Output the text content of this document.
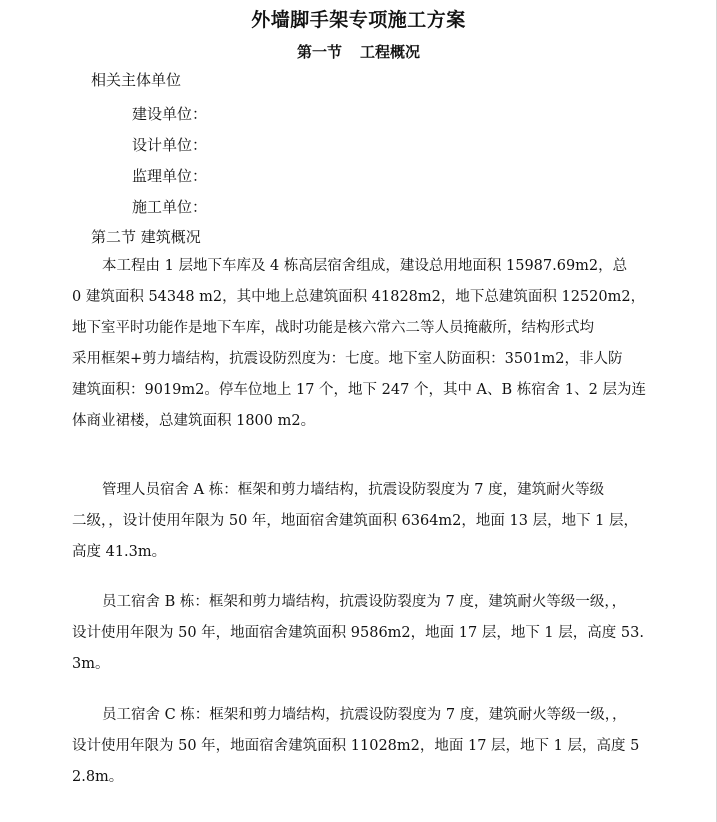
外墙脚手架专项施工方案
第一节 工程概况
相关主体单位
建设单位：
设计单位：
监理单位：
施工单位：
第二节 建筑概况
本工程由 1 层地下车库及 4 栋高层宿舍组成，建设总用地面积 15987.69m2，总
0 建筑面积 54348 m2，其中地上总建筑面积 41828m2，地下总建筑面积 12520m2，
地下室平时功能作是地下车库，战时功能是核六常六二等人员掩蔽所，结构形式均
采用框架+剪力墙结构，抗震设防烈度为：七度。地下室人防面积：3501m2，非人防
建筑面积：9019m2。停车位地上 17 个，地下 247 个，其中 A、B 栋宿舍 1、2 层为连
体商业裙楼，总建筑面积 1800 m2。
管理人员宿舍 A 栋：框架和剪力墙结构，抗震设防裂度为 7 度，建筑耐火等级
二级，，设计使用年限为 50 年，地面宿舍建筑面积 6364m2，地面 13 层，地下 1 层，
高度 41.3m。
员工宿舍 B 栋：框架和剪力墙结构，抗震设防裂度为 7 度，建筑耐火等级一级，，
设计使用年限为 50 年，地面宿舍建筑面积 9586m2，地面 17 层，地下 1 层，高度 53.
3m。
员工宿舍 C 栋：框架和剪力墙结构，抗震设防裂度为 7 度，建筑耐火等级一级，，
设计使用年限为 50 年，地面宿舍建筑面积 11028m2，地面 17 层，地下 1 层，高度 5
2.8m。
